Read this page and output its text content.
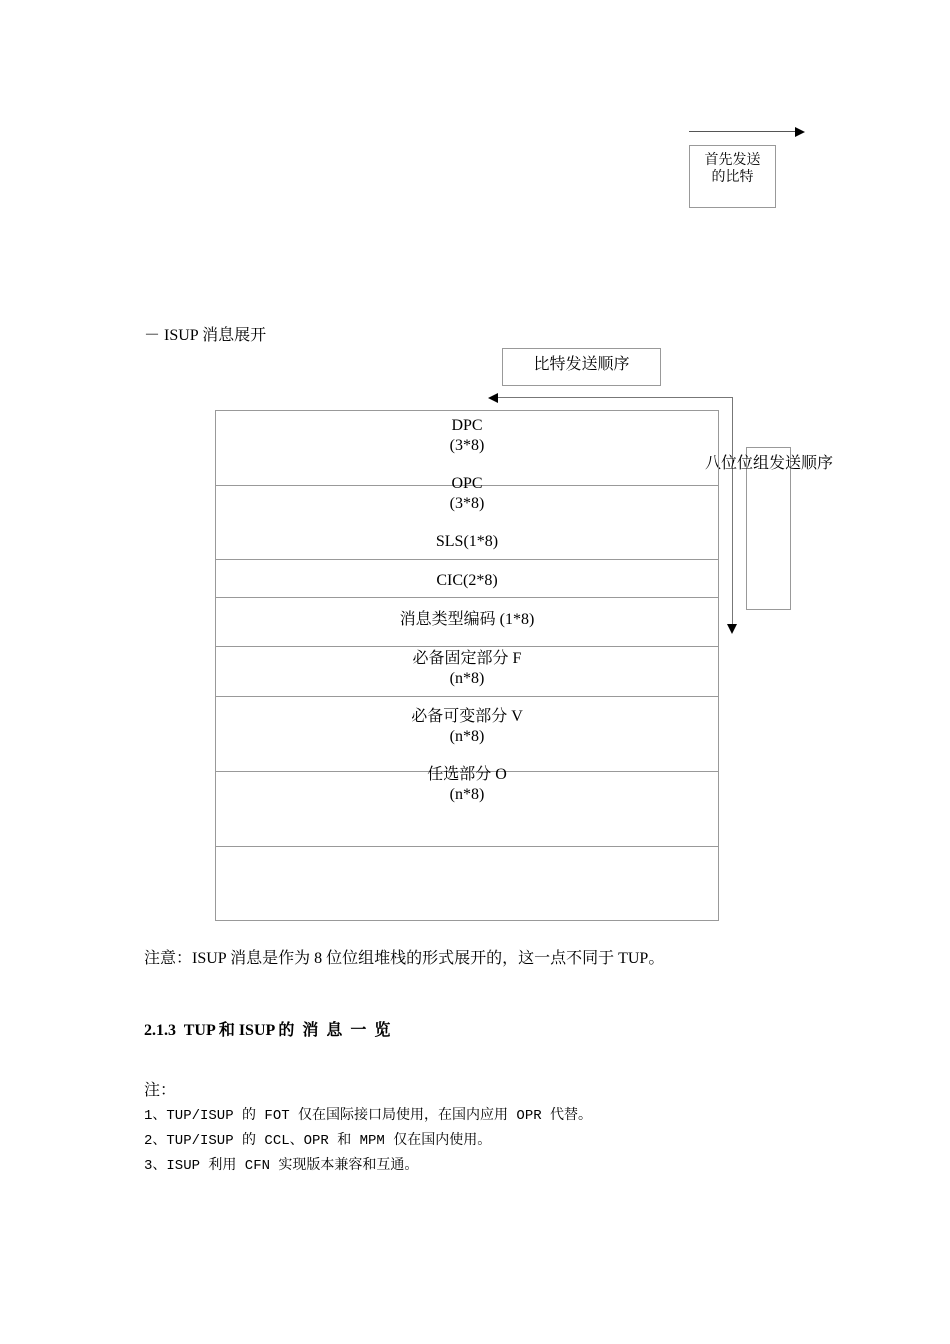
首先发送
的比特
－ ISUP 消息展开
比特发送顺序
八位位组发送顺序
DPC
(3*8)
OPC
(3*8)
SLS(1*8)
CIC(2*8)
消息类型编码 (1*8)
必备固定部分 F
(n*8)
必备可变部分 V
(n*8)
任选部分 O
(n*8)
注意：ISUP 消息是作为 8 位位组堆栈的形式展开的，这一点不同于 TUP。
2.1.3  TUP 和 ISUP 的  消  息  一  览
注：
1、TUP/ISUP 的 FOT 仅在国际接口局使用，在国内应用 OPR 代替。
2、TUP/ISUP 的 CCL、OPR 和 MPM 仅在国内使用。
3、ISUP 利用 CFN 实现版本兼容和互通。
